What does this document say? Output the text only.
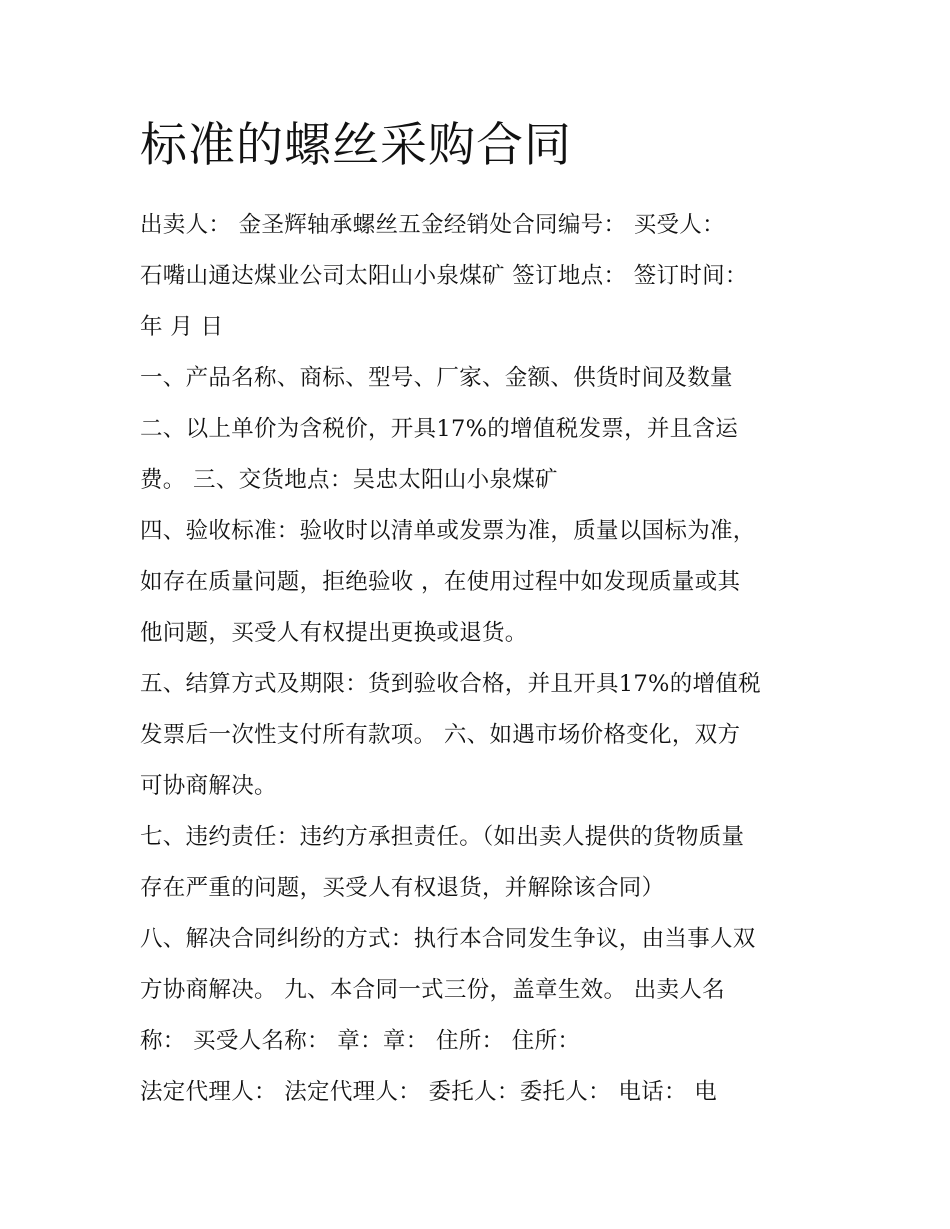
标准的螺丝采购合同
出卖人： 金圣辉轴承螺丝五金经销处合同编号： 买受人：
石嘴山通达煤业公司太阳山小泉煤矿 签订地点： 签订时间：
年 月 日
一、产品名称、商标、型号、厂家、金额、供货时间及数量
二、以上单价为含税价，开具17%的增值税发票，并且含运
费。 三、交货地点：吴忠太阳山小泉煤矿
四、验收标准：验收时以清单或发票为准，质量以国标为准，
如存在质量问题，拒绝验收 ，在使用过程中如发现质量或其
他问题，买受人有权提出更换或退货。
五、结算方式及期限：货到验收合格，并且开具17%的增值税
发票后一次性支付所有款项。 六、如遇市场价格变化，双方
可协商解决。
七、违约责任：违约方承担责任。（如出卖人提供的货物质量
存在严重的问题，买受人有权退货，并解除该合同）
八、解决合同纠纷的方式：执行本合同发生争议，由当事人双
方协商解决。 九、本合同一式三份，盖章生效。 出卖人名
称： 买受人名称： 章：章： 住所： 住所：
法定代理人： 法定代理人： 委托人：委托人： 电话： 电
